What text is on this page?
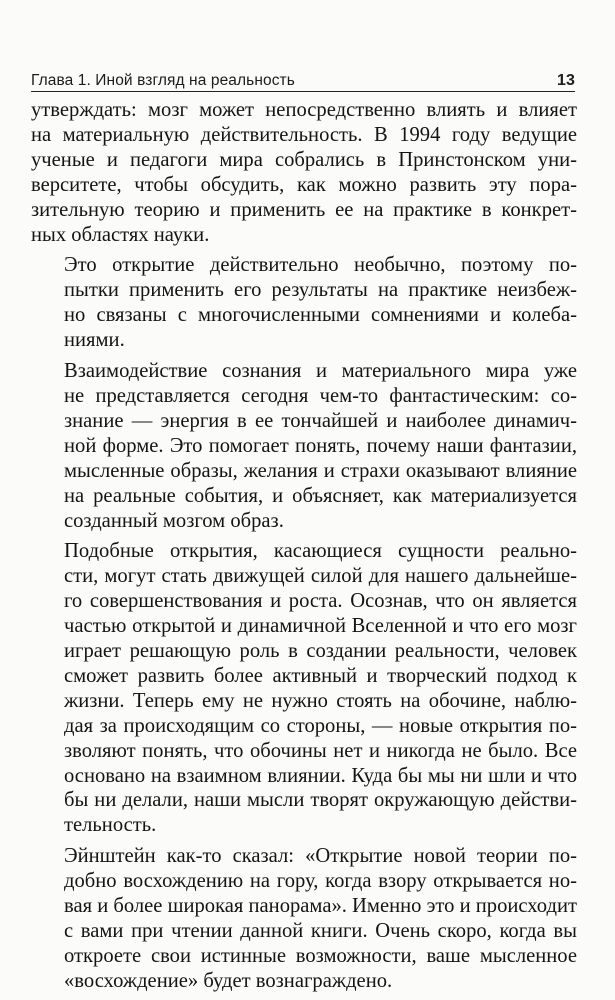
Глава 1. Иной взгляд на реальность	13

утверждать: мозг может непосредственно влиять и влияет
на материальную действительность. В 1994 году ведущие
ученые и педагоги мира собрались в Принстонском уни-
верситете, чтобы обсудить, как можно развить эту пора-
зительную теорию и применить ее на практике в конкрет-
ных областях науки.

Это открытие действительно необычно, поэтому по-
пытки применить его результаты на практике неизбеж-
но связаны с многочисленными сомнениями и колеба-
ниями.

Взаимодействие сознания и материального мира уже
не представляется сегодня чем-то фантастическим: со-
знание — энергия в ее тончайшей и наиболее динамич-
ной форме. Это помогает понять, почему наши фантазии,
мысленные образы, желания и страхи оказывают влияние
на реальные события, и объясняет, как материализуется
созданный мозгом образ.

Подобные открытия, касающиеся сущности реально-
сти, могут стать движущей силой для нашего дальнейше-
го совершенствования и роста. Осознав, что он является
частью открытой и динамичной Вселенной и что его мозг
играет решающую роль в создании реальности, человек
сможет развить более активный и творческий подход к
жизни. Теперь ему не нужно стоять на обочине, наблю-
дая за происходящим со стороны, — новые открытия по-
зволяют понять, что обочины нет и никогда не было. Все
основано на взаимном влиянии. Куда бы мы ни шли и что
бы ни делали, наши мысли творят окружающую действи-
тельность.

Эйнштейн как-то сказал: «Открытие новой теории по-
добно восхождению на гору, когда взору открывается но-
вая и более широкая панорама». Именно это и происходит
с вами при чтении данной книги. Очень скоро, когда вы
откроете свои истинные возможности, ваше мысленное
«восхождение» будет вознаграждено.
